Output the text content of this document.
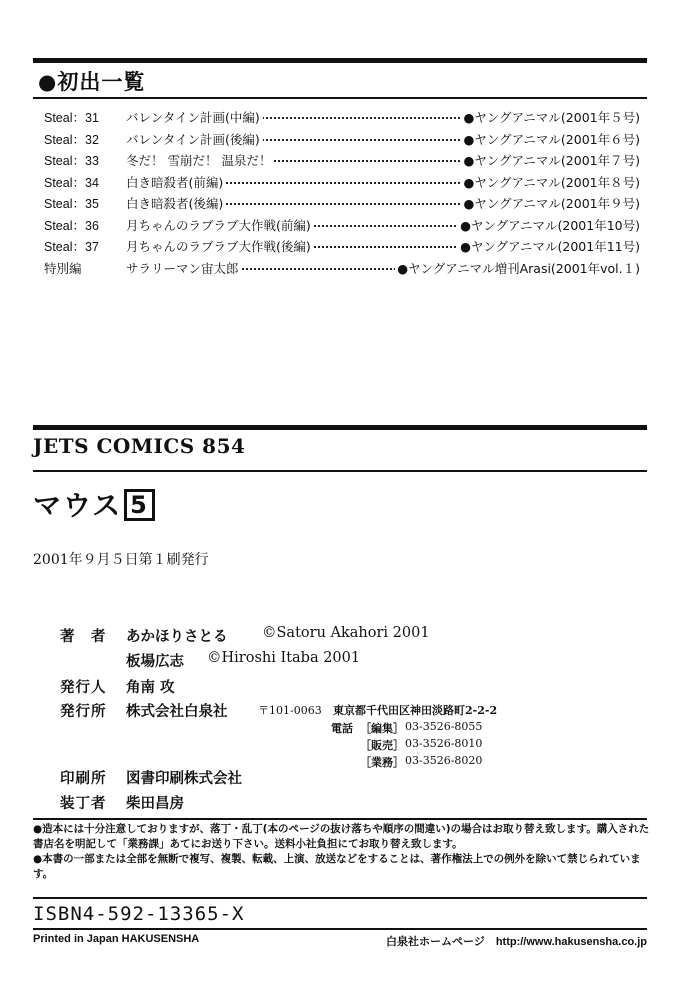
●初出一覧
Steal：31 バレンタイン計画(中編)	●ヤングアニマル(2001年５号)
Steal：32 バレンタイン計画(後編)	●ヤングアニマル(2001年６号)
Steal：33 冬だ！ 雪崩だ！ 温泉だ！	●ヤングアニマル(2001年７号)
Steal：34 白き暗殺者(前編)	●ヤングアニマル(2001年８号)
Steal：35 白き暗殺者(後編)	●ヤングアニマル(2001年９号)
Steal：36 月ちゃんのラブラブ大作戦(前編)	●ヤングアニマル(2001年10号)
Steal：37 月ちゃんのラブラブ大作戦(後編)	●ヤングアニマル(2001年11号)
特別編	サラリーマン宙太郎	●ヤングアニマル増刊Arasi(2001年vol.１)
JETS COMICS 854
マウス 5
2001年９月５日第１刷発行
著　者 あかほりさとる ©Satoru Akahori 2001
板場広志 ©Hiroshi Itaba 2001
発行人 角南 攻
発行所 株式会社白泉社	〒101-0063 東京都千代田区神田淡路町2-2-2
電話 ［編集］ 03-3526-8055
［販売］ 03-3526-8010
［業務］ 03-3526-8020
印刷所 図書印刷株式会社
装丁者 柴田昌房

●造本には十分注意しておりますが、落丁・乱丁(本のページの抜け落ちや順序の間違い)の場合はお取り替え致します。購入された書店名を明記して「業務課」あてにお送り下さい。送料小社負担にてお取り替え致します。

●本書の一部または全部を無断で複写、複製、転載、上演、放送などをすることは、著作権法上での例外を除いて禁じられています。

ISBN4-592-13365-X
Printed in Japan HAKUSENSHA	白泉社ホームページ　http://www.hakusensha.co.jp
